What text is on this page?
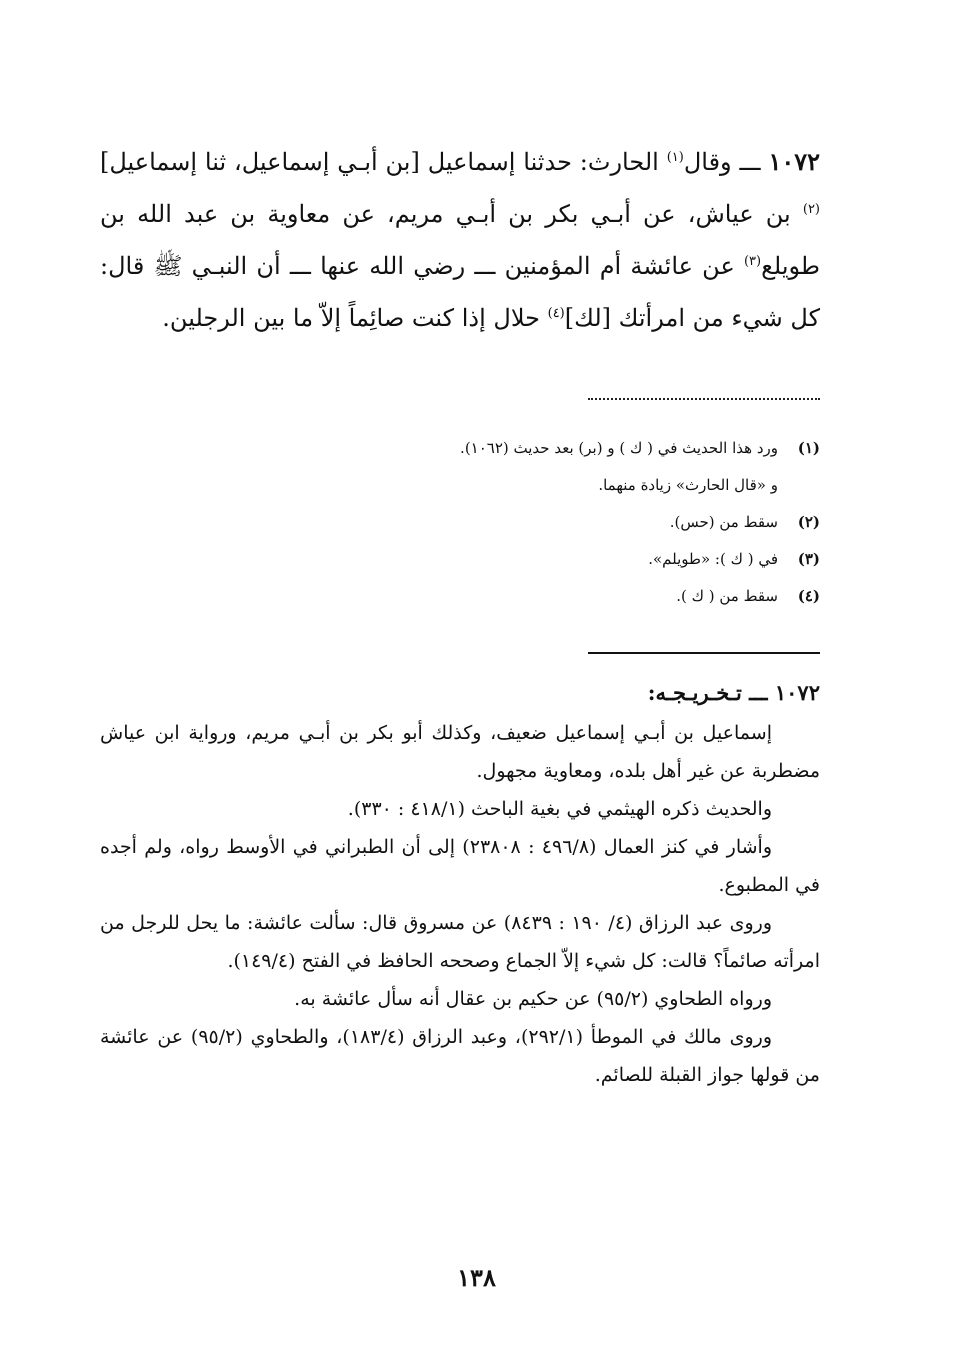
١٠٧٢ ـــ وقال$^{(١)}$ الحارث: حدثنا إسماعيل [بن أبـي إسماعيل، ثنا إسماعيل]$^{(٢)}$ بن عياش، عن أبـي بكر بن أبـي مريم، عن معاوية بن عبد الله بن طويلع$^{(٣)}$ عن عائشة أم المؤمنين ـــ رضي الله عنها ـــ أن النبـي ﷺ قال: كل شيء من امرأتك [لك]$^{(٤)}$ حلال إذا كنت صائِماً إلاّ ما بين الرجلين.

(١)
ورد هذا الحديث في ( ك ) و (بر) بعد حديث (١٠٦٢).
و «قال الحارث» زيادة منهما.
(٢)
سقط من (حس).
(٣)
في ( ك ): «طويلم».
(٤)
سقط من ( ك ).
١٠٧٢ ـــ تـخـريـجـه:

إسماعيل بن أبـي إسماعيل ضعيف، وكذلك أبو بكر بن أبـي مريم، ورواية ابن عياش مضطربة عن غير أهل بلده، ومعاوية مجهول.

والحديث ذكره الهيثمي في بغية الباحث (٤١٨/١ : ٣٣٠).

وأشار في كنز العمال (٤٩٦/٨ : ٢٣٨٠٨) إلى أن الطبراني في الأوسط رواه، ولم أجده في المطبوع.

وروى عبد الرزاق (٤/ ١٩٠ : ٨٤٣٩) عن مسروق قال: سألت عائشة: ما يحل للرجل من امرأته صائماً؟ قالت: كل شيء إلاّ الجماع وصححه الحافظ في الفتح (١٤٩/٤).

ورواه الطحاوي (٩٥/٢) عن حكيم بن عقال أنه سأل عائشة به.

وروى مالك في الموطأ (٢٩٢/١)، وعبد الرزاق (١٨٣/٤)، والطحاوي (٩٥/٢) عن عائشة من قولها جواز القبلة للصائم.

١٣٨
